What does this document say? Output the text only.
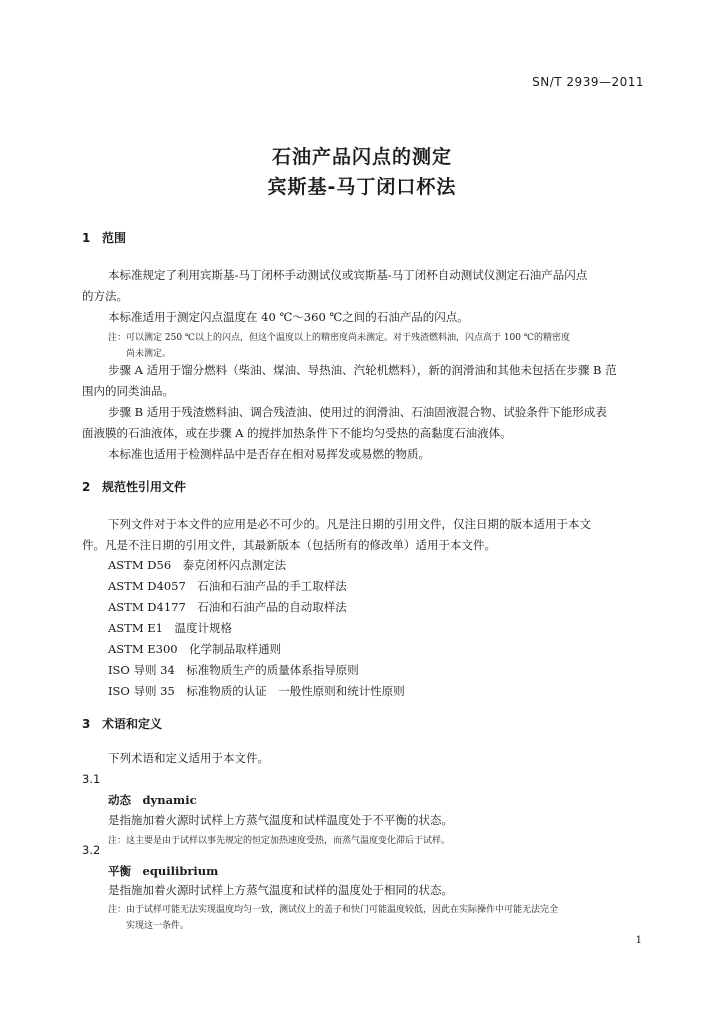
SN/T 2939—2011
石油产品闪点的测定
宾斯基-马丁闭口杯法
1 范围
本标准规定了利用宾斯基-马丁闭杯手动测试仪或宾斯基-马丁闭杯自动测试仪测定石油产品闪点
的方法。
本标准适用于测定闪点温度在 40 ℃～360 ℃之间的石油产品的闪点。
注：可以测定 250 ℃以上的闪点，但这个温度以上的精密度尚未测定。对于残渣燃料油，闪点高于 100 ℃的精密度
尚未测定。
步骤 A 适用于馏分燃料（柴油、煤油、导热油、汽轮机燃料），新的润滑油和其他未包括在步骤 B 范
围内的同类油品。
步骤 B 适用于残渣燃料油、调合残渣油、使用过的润滑油、石油固液混合物、试验条件下能形成表
面液膜的石油液体，或在步骤 A 的搅拌加热条件下不能均匀受热的高黏度石油液体。
本标准也适用于检测样品中是否存在相对易挥发或易燃的物质。
2 规范性引用文件
下列文件对于本文件的应用是必不可少的。凡是注日期的引用文件，仅注日期的版本适用于本文
件。凡是不注日期的引用文件，其最新版本（包括所有的修改单）适用于本文件。
ASTM D56　 泰克闭杯闪点测定法
ASTM D4057　 石油和石油产品的手工取样法
ASTM D4177　 石油和石油产品的自动取样法
ASTM E1　 温度计规格
ASTM E300　 化学制品取样通则
ISO 导则 34　 标准物质生产的质量体系指导原则
ISO 导则 35　 标准物质的认证　一般性原则和统计性原则
3 术语和定义
下列术语和定义适用于本文件。
3.1
动态　 dynamic
是指施加着火源时试样上方蒸气温度和试样温度处于不平衡的状态。
注：这主要是由于试样以事先规定的恒定加热速度受热，而蒸气温度变化滞后于试样。
3.2
平衡　 equilibrium
是指施加着火源时试样上方蒸气温度和试样的温度处于相同的状态。
注：由于试样可能无法实现温度均匀一致，测试仪上的盖子和快门可能温度较低，因此在实际操作中可能无法完全
实现这一条件。
1
